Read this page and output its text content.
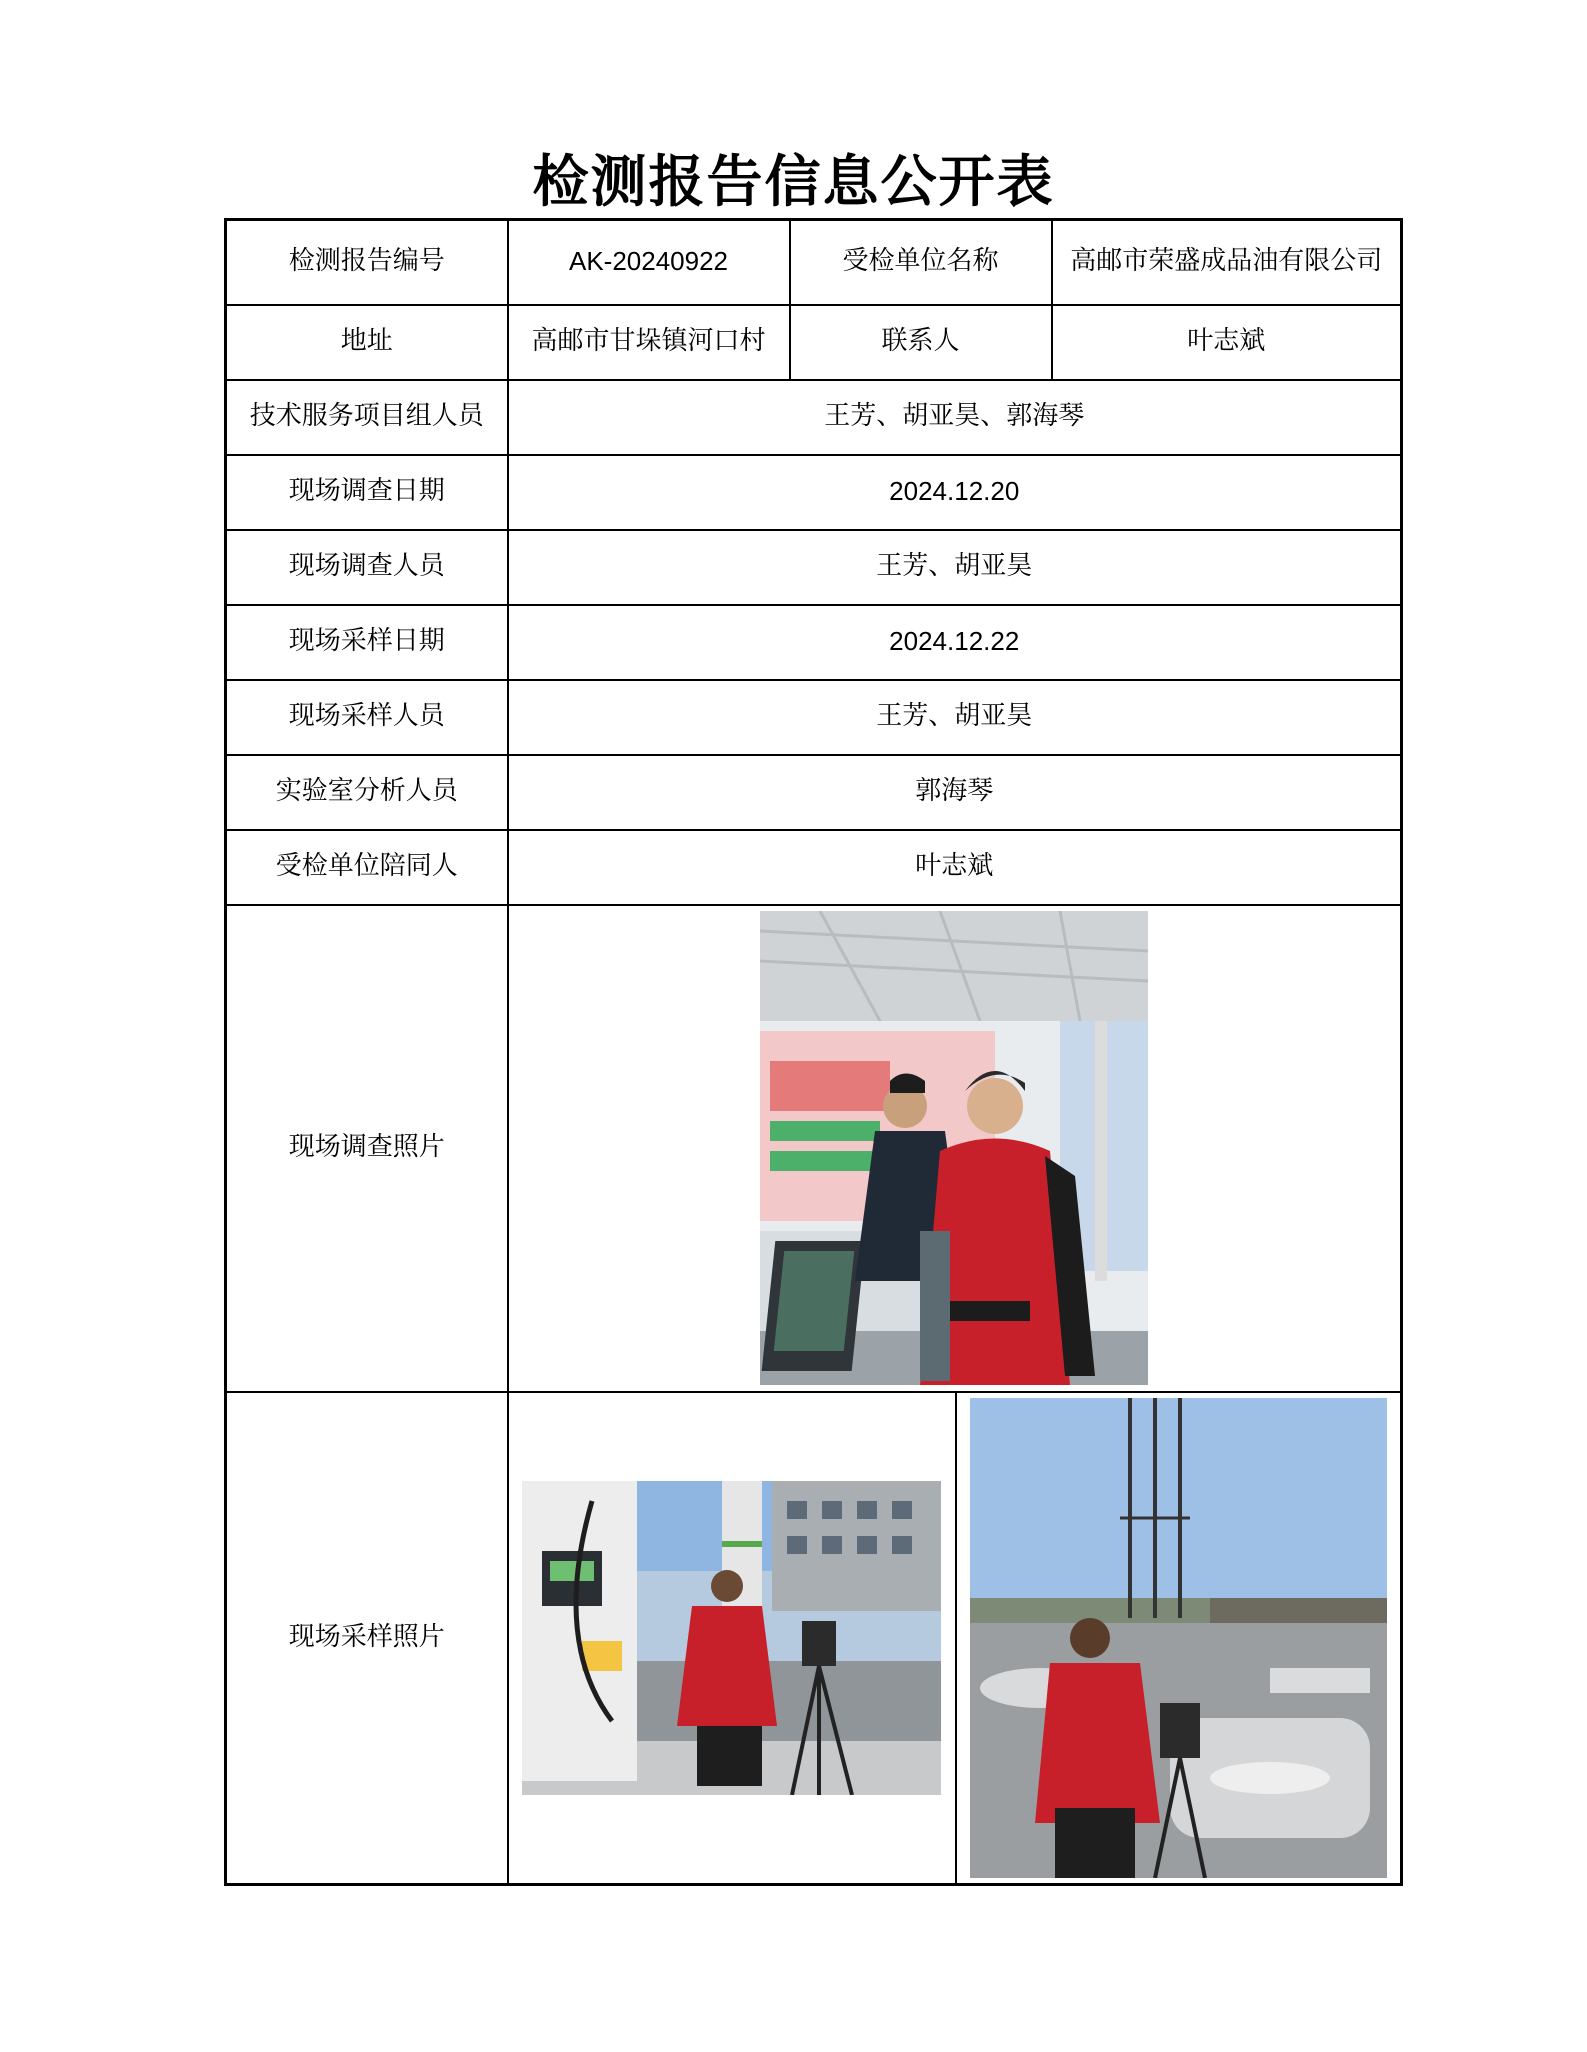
检测报告信息公开表
检测报告编号	AK-20240922	受检单位名称	高邮市荣盛成品油有限公司
地址	高邮市甘垛镇河口村	联系人	叶志斌
技术服务项目组人员	王芳、胡亚昊、郭海琴		
现场调查日期	2024.12.20		
现场调查人员	王芳、胡亚昊		
现场采样日期	2024.12.22		
现场采样人员	王芳、胡亚昊		
实验室分析人员	郭海琴		
受检单位陪同人	叶志斌		
现场调查照片	

现场采样照片	
